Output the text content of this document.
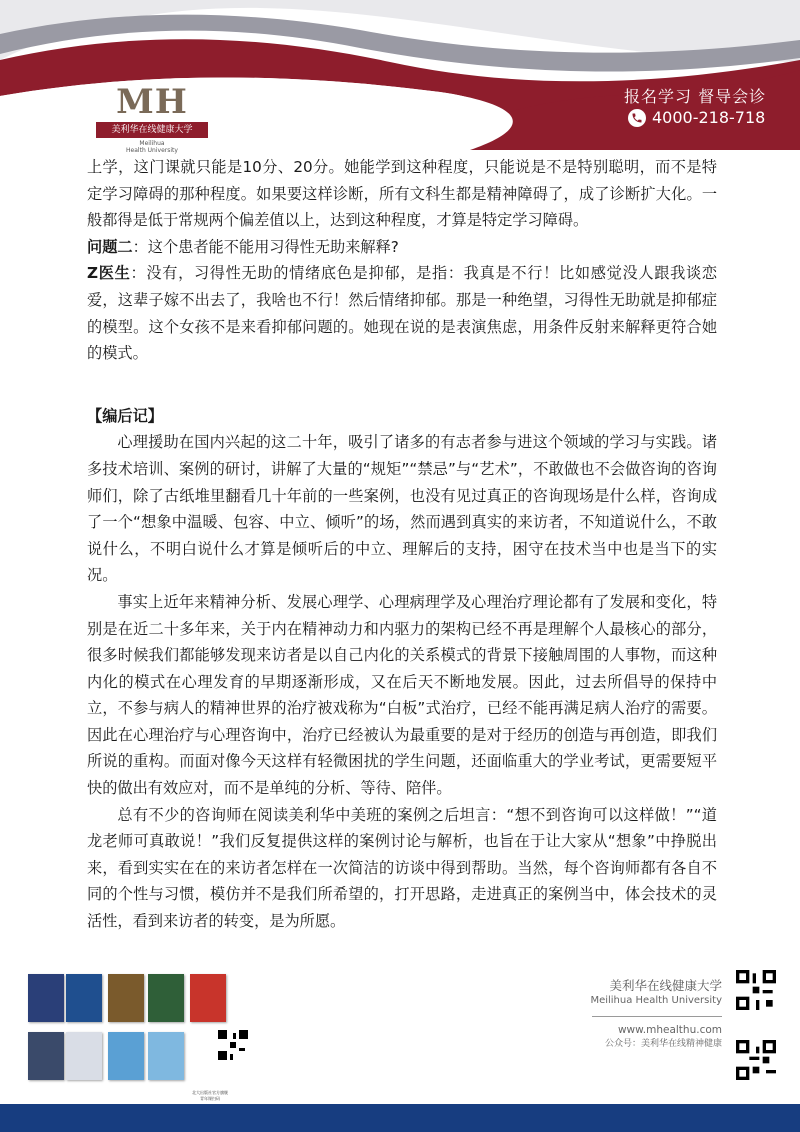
MH
美利华在线健康大学
Meilihua
Health University
报名学习 督导会诊
4000-218-718

上学，这门课就只能是10分、20分。她能学到这种程度，只能说是不是特别聪明，而不是特定学习障碍的那种程度。如果要这样诊断，所有文科生都是精神障碍了，成了诊断扩大化。一般都得是低于常规两个偏差值以上，达到这种程度，才算是特定学习障碍。

问题二：这个患者能不能用习得性无助来解释?

Z医生：没有，习得性无助的情绪底色是抑郁，是指：我真是不行！比如感觉没人跟我谈恋爱，这辈子嫁不出去了，我啥也不行！然后情绪抑郁。那是一种绝望，习得性无助就是抑郁症的模型。这个女孩不是来看抑郁问题的。她现在说的是表演焦虑，用条件反射来解释更符合她的模式。

【编后记】

心理援助在国内兴起的这二十年，吸引了诸多的有志者参与进这个领域的学习与实践。诸多技术培训、案例的研讨，讲解了大量的“规矩”“禁忌”与“艺术”，不敢做也不会做咨询的咨询师们，除了古纸堆里翻看几十年前的一些案例，也没有见过真正的咨询现场是什么样，咨询成了一个“想象中温暖、包容、中立、倾听”的场，然而遇到真实的来访者，不知道说什么，不敢说什么，不明白说什么才算是倾听后的中立、理解后的支持，困守在技术当中也是当下的实况。

事实上近年来精神分析、发展心理学、心理病理学及心理治疗理论都有了发展和变化，特别是在近二十多年来，关于内在精神动力和内驱力的架构已经不再是理解个人最核心的部分，很多时候我们都能够发现来访者是以自己内化的关系模式的背景下接触周围的人事物，而这种内化的模式在心理发育的早期逐渐形成，又在后天不断地发展。因此，过去所倡导的保持中立，不参与病人的精神世界的治疗被戏称为“白板”式治疗，已经不能再满足病人治疗的需要。因此在心理治疗与心理咨询中，治疗已经被认为最重要的是对于经历的创造与再创造，即我们所说的重构。而面对像今天这样有轻微困扰的学生问题，还面临重大的学业考试，更需要短平快的做出有效应对，而不是单纯的分析、等待、陪伴。

总有不少的咨询师在阅读美利华中美班的案例之后坦言：“想不到咨询可以这样做！”“道龙老师可真敢说！”我们反复提供这样的案例讨论与解析，也旨在于让大家从“想象”中挣脱出来，看到实实在在的来访者怎样在一次简洁的访谈中得到帮助。当然，每个咨询师都有各自不同的个性与习惯，模仿并不是我们所希望的，打开思路，走进真正的案例当中，体会技术的灵活性，看到来访者的转变，是为所愿。

北大出版社官方旗舰
青年课扫码
美利华在线健康大学
Meilihua Health University
www.mhealthu.com
公众号：美利华在线精神健康
